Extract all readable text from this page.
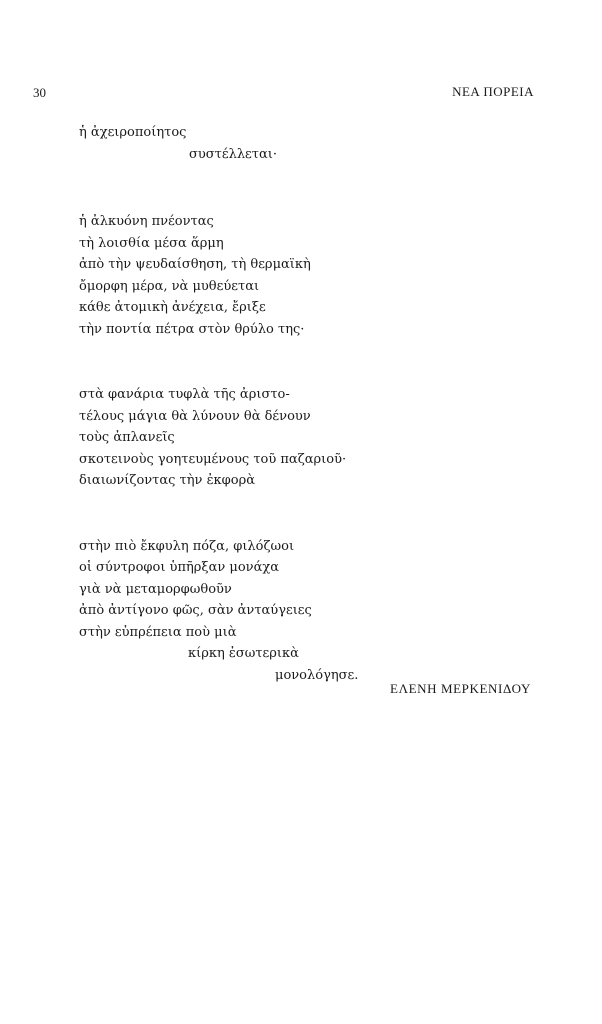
30	ΝΕΑ ΠΟΡΕΙΑ
ἡ ἀχειροποίητος
συστέλλεται·
ἡ ἀλκυόνη πνέοντας
τὴ λοισθία μέσα ἅρμη
ἀπὸ τὴν ψευδαίσθηση, τὴ θερμαϊκὴ
ὄμορφη μέρα, νὰ μυθεύεται
κάθε ἀτομικὴ ἀνέχεια, ἔριξε
τὴν ποντία πέτρα στὸν θρύλο της·
στὰ φανάρια τυφλὰ τῆς ἀριστο-
τέλους μάγια θὰ λύνουν θὰ δένουν
τοὺς ἀπλανεῖς
σκοτεινοὺς γοητευμένους τοῦ παζαριοῦ·
διαιωνίζοντας τὴν ἐκφορὰ
στὴν πιὸ ἔκφυλη πόζα, φιλόζωοι
οἱ σύντροφοι ὑπῆρξαν μονάχα
γιὰ νὰ μεταμορφωθοῦν
ἀπὸ ἀντίγονο φῶς, σὰν ἀνταύγειες
στὴν εὐπρέπεια ποὺ μιὰ
κίρκη ἐσωτερικὰ
μονολόγησε.
ΕΛΕΝΗ ΜΕΡΚΕΝΙΔΟΥ
